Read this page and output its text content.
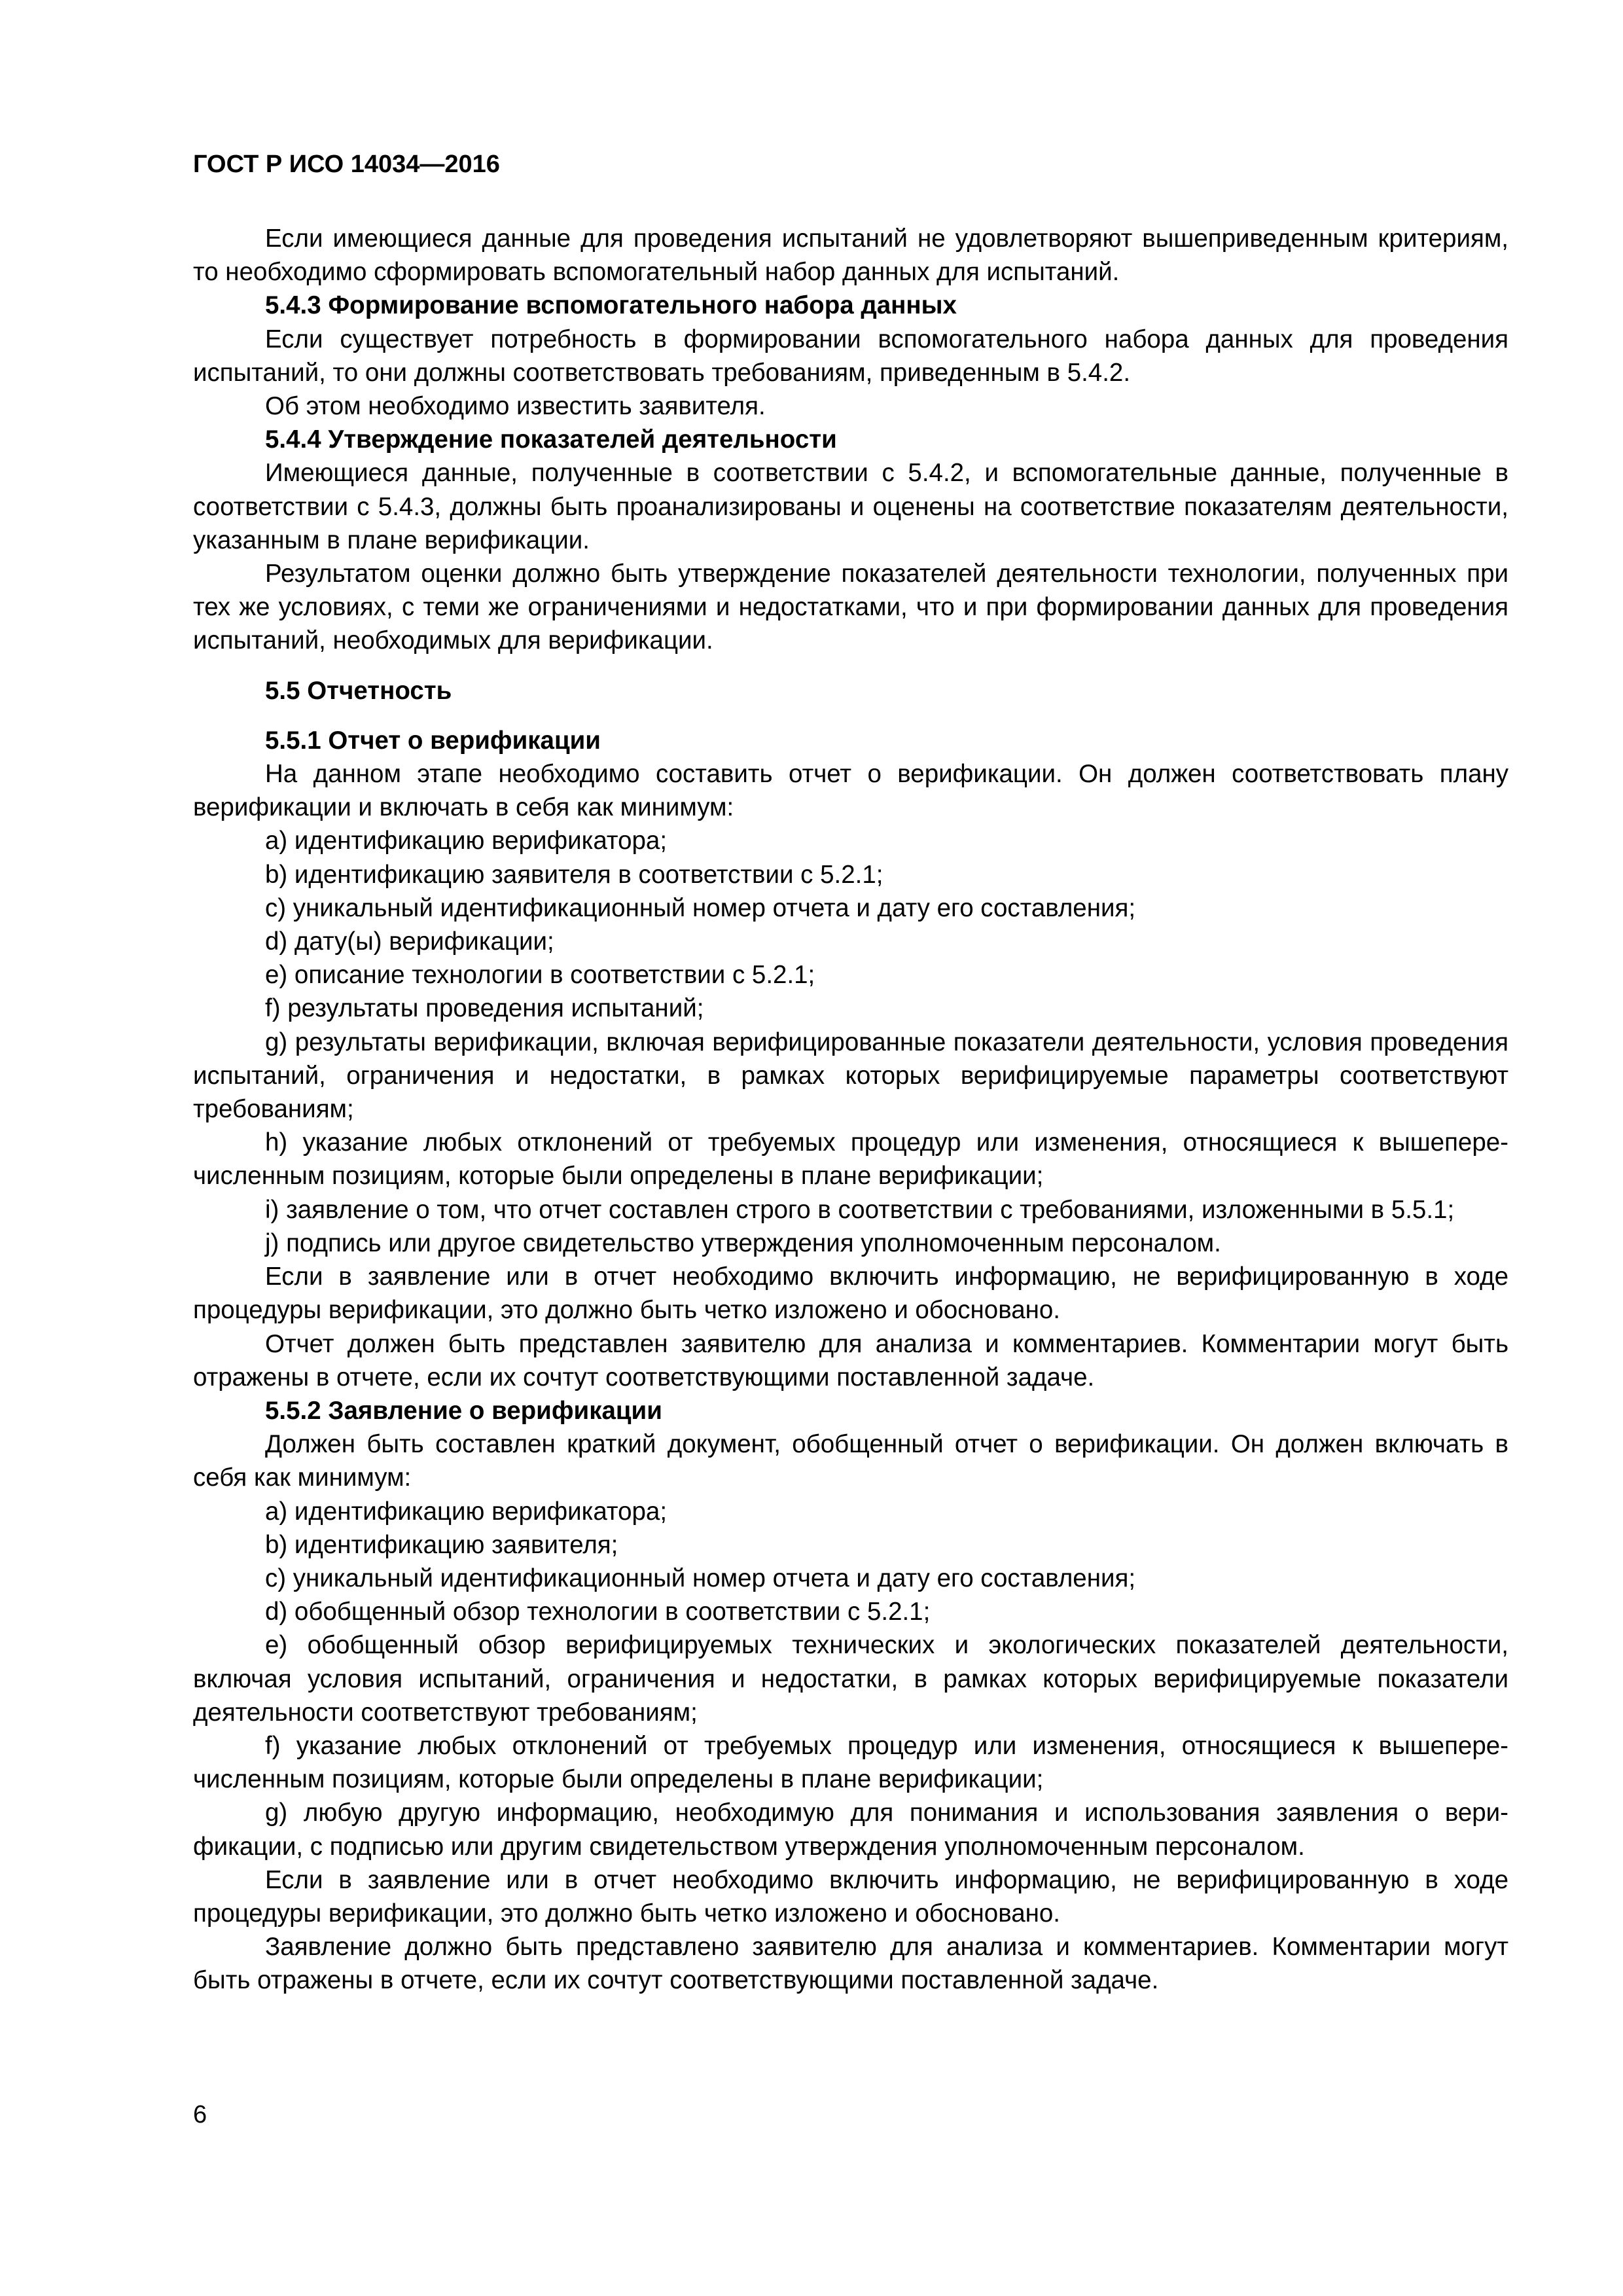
ГОСТ Р ИСО 14034—2016

Если имеющиеся данные для проведения испытаний не удовлетворяют вышеприведенным критериям, то необходимо сформировать вспомогательный набор данных для испытаний.

5.4.3 Формирование вспомогательного набора данных

Если существует потребность в формировании вспомогательного набора данных для проведения испытаний, то они должны соответствовать требованиям, приведенным в 5.4.2.

Об этом необходимо известить заявителя.

5.4.4 Утверждение показателей деятельности

Имеющиеся данные, полученные в соответствии с 5.4.2, и вспомогательные данные, полученные в соответствии с 5.4.3, должны быть проанализированы и оценены на соответствие показателям деятельности, указанным в плане верификации.

Результатом оценки должно быть утверждение показателей деятельности технологии, полученных при тех же условиях, с теми же ограничениями и недостатками, что и при формировании данных для проведения испытаний, необходимых для верификации.

5.5 Отчетность

5.5.1 Отчет о верификации

На данном этапе необходимо составить отчет о верификации. Он должен соответствовать плану верификации и включать в себя как минимум:

a) идентификацию верификатора;

b) идентификацию заявителя в соответствии с 5.2.1;

c) уникальный идентификационный номер отчета и дату его составления;

d) дату(ы) верификации;

e) описание технологии в соответствии с 5.2.1;

f) результаты проведения испытаний;

g) результаты верификации, включая верифицированные показатели деятельности, условия проведения испытаний, ограничения и недостатки, в рамках которых верифицируемые параметры соответствуют требованиям;

h) указание любых отклонений от требуемых процедур или изменения, относящиеся к вышеперечисленным позициям, которые были определены в плане верификации;

i) заявление о том, что отчет составлен строго в соответствии с требованиями, изложенными в 5.5.1;

j) подпись или другое свидетельство утверждения уполномоченным персоналом.

Если в заявление или в отчет необходимо включить информацию, не верифицированную в ходе процедуры верификации, это должно быть четко изложено и обосновано.

Отчет должен быть представлен заявителю для анализа и комментариев. Комментарии могут быть отражены в отчете, если их сочтут соответствующими поставленной задаче.

5.5.2 Заявление о верификации

Должен быть составлен краткий документ, обобщенный отчет о верификации. Он должен включать в себя как минимум:

a) идентификацию верификатора;

b) идентификацию заявителя;

c) уникальный идентификационный номер отчета и дату его составления;

d) обобщенный обзор технологии в соответствии с 5.2.1;

e) обобщенный обзор верифицируемых технических и экологических показателей деятельности, включая условия испытаний, ограничения и недостатки, в рамках которых верифицируемые показатели деятельности соответствуют требованиям;

f) указание любых отклонений от требуемых процедур или изменения, относящиеся к вышеперечисленным позициям, которые были определены в плане верификации;

g) любую другую информацию, необходимую для понимания и использования заявления о верификации, с подписью или другим свидетельством утверждения уполномоченным персоналом.

Если в заявление или в отчет необходимо включить информацию, не верифицированную в ходе процедуры верификации, это должно быть четко изложено и обосновано.

Заявление должно быть представлено заявителю для анализа и комментариев. Комментарии могут быть отражены в отчете, если их сочтут соответствующими поставленной задаче.

6
